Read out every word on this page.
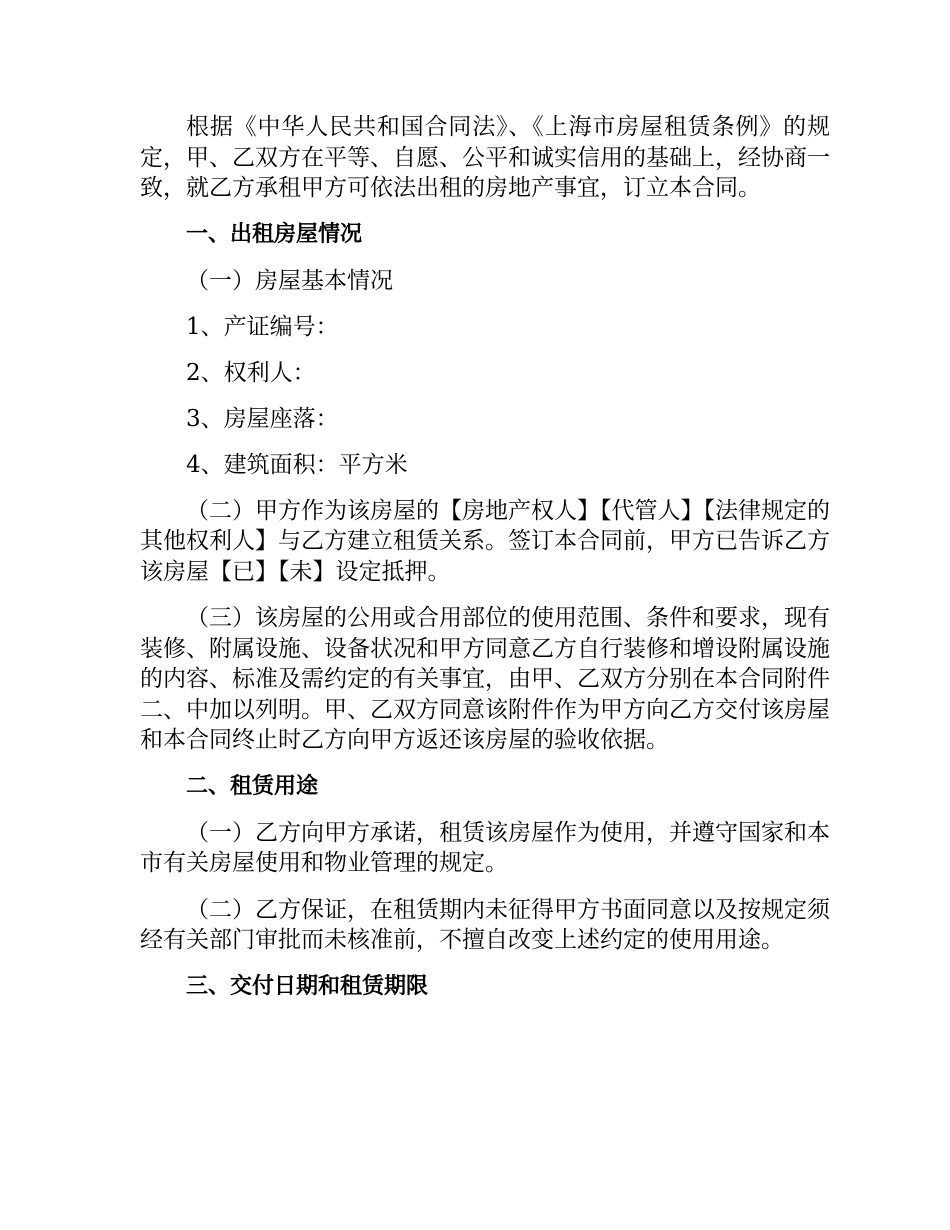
根据《中华人民共和国合同法》、《上海市房屋租赁条例》的规定，甲、乙双方在平等、自愿、公平和诚实信用的基础上，经协商一致，就乙方承租甲方可依法出租的房地产事宜，订立本合同。

一、出租房屋情况

（一）房屋基本情况

1、产证编号：

2、权利人：

3、房屋座落：

4、建筑面积：平方米

（二）甲方作为该房屋的【房地产权人】【代管人】【法律规定的其他权利人】与乙方建立租赁关系。签订本合同前，甲方已告诉乙方该房屋【已】【未】设定抵押。

（三）该房屋的公用或合用部位的使用范围、条件和要求，现有装修、附属设施、设备状况和甲方同意乙方自行装修和增设附属设施的内容、标准及需约定的有关事宜，由甲、乙双方分别在本合同附件二、中加以列明。甲、乙双方同意该附件作为甲方向乙方交付该房屋和本合同终止时乙方向甲方返还该房屋的验收依据。

二、租赁用途

（一）乙方向甲方承诺，租赁该房屋作为使用，并遵守国家和本市有关房屋使用和物业管理的规定。

（二）乙方保证，在租赁期内未征得甲方书面同意以及按规定须经有关部门审批而未核准前，不擅自改变上述约定的使用用途。

三、交付日期和租赁期限
